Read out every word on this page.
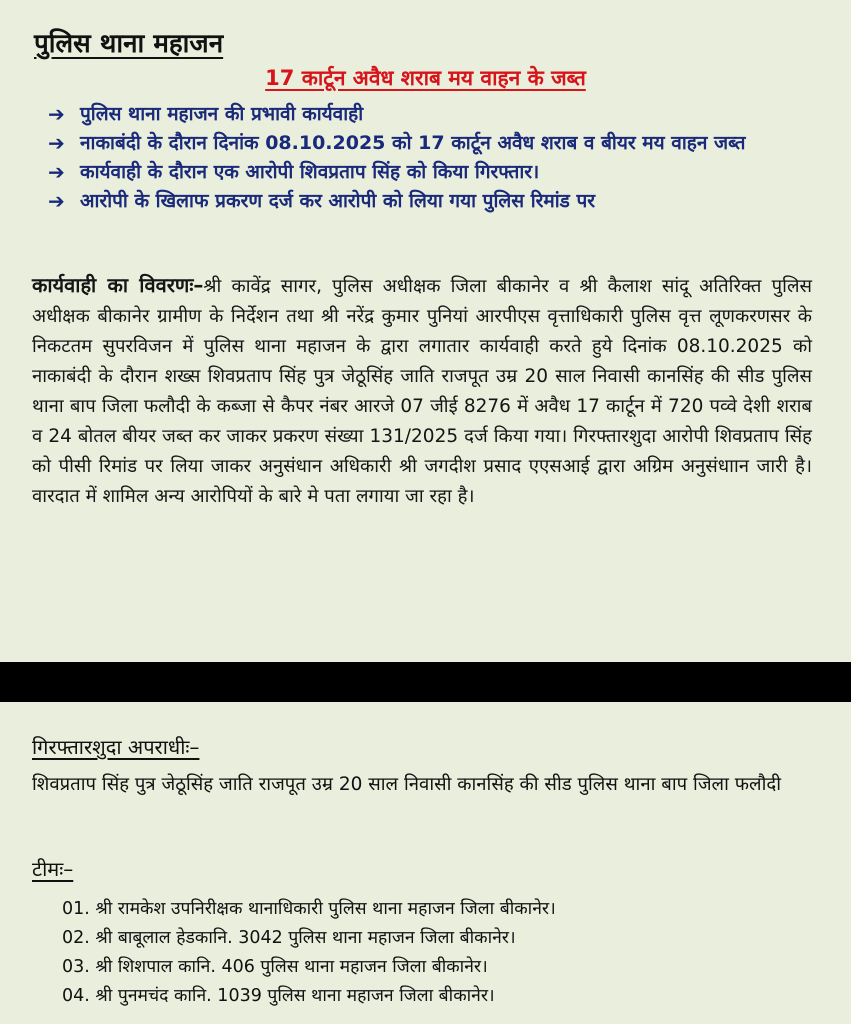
पुलिस थाना महाजन
17 कार्टून अवैध शराब मय वाहन के जब्त
➔ पुलिस थाना महाजन की प्रभावी कार्यवाही
➔ नाकाबंदी के दौरान दिनांक 08.10.2025 को 17 कार्टून अवैध शराब व बीयर मय वाहन जब्त
➔ कार्यवाही के दौरान एक आरोपी शिवप्रताप सिंह को किया गिरफ्तार।
➔ आरोपी के खिलाफ प्रकरण दर्ज कर आरोपी को लिया गया पुलिस रिमांड पर
कार्यवाही का विवरणः–श्री कावेंद्र सागर, पुलिस अधीक्षक जिला बीकानेर व श्री कैलाश सांदू अतिरिक्त पुलिस अधीक्षक बीकानेर ग्रामीण के निर्देशन तथा श्री नरेंद्र कुमार पुनियां आरपीएस वृत्ताधिकारी पुलिस वृत्त लूणकरणसर के निकटतम सुपरविजन में पुलिस थाना महाजन के द्वारा लगातार कार्यवाही करते हुये दिनांक 08.10.2025 को नाकाबंदी के दौरान शख्स शिवप्रताप सिंह पुत्र जेठूसिंह जाति राजपूत उम्र 20 साल निवासी कानसिंह की सीड पुलिस थाना बाप जिला फलौदी के कब्जा से कैपर नंबर आरजे 07 जीई 8276 में अवैध 17 कार्टून में 720 पव्वे देशी शराब व 24 बोतल बीयर जब्त कर जाकर प्रकरण संख्या 131/2025 दर्ज किया गया। गिरफ्तारशुदा आरोपी शिवप्रताप सिंह को पीसी रिमांड पर लिया जाकर अनुसंधान अधिकारी श्री जगदीश प्रसाद एएसआई द्वारा अग्रिम अनुसंधाान जारी है। वारदात में शामिल अन्य आरोपियों के बारे मे पता लगाया जा रहा है।
गिरफ्तारशुदा अपराधीः–
शिवप्रताप सिंह पुत्र जेठूसिंह जाति राजपूत उम्र 20 साल निवासी कानसिंह की सीड पुलिस थाना बाप जिला फलौदी
टीमः–
01. श्री रामकेश उपनिरीक्षक थानाधिकारी पुलिस थाना महाजन जिला बीकानेर।
02. श्री बाबूलाल हेडकानि. 3042 पुलिस थाना महाजन जिला बीकानेर।
03. श्री शिशपाल कानि. 406 पुलिस थाना महाजन जिला बीकानेर।
04. श्री पुनमचंद कानि. 1039 पुलिस थाना महाजन जिला बीकानेर।
